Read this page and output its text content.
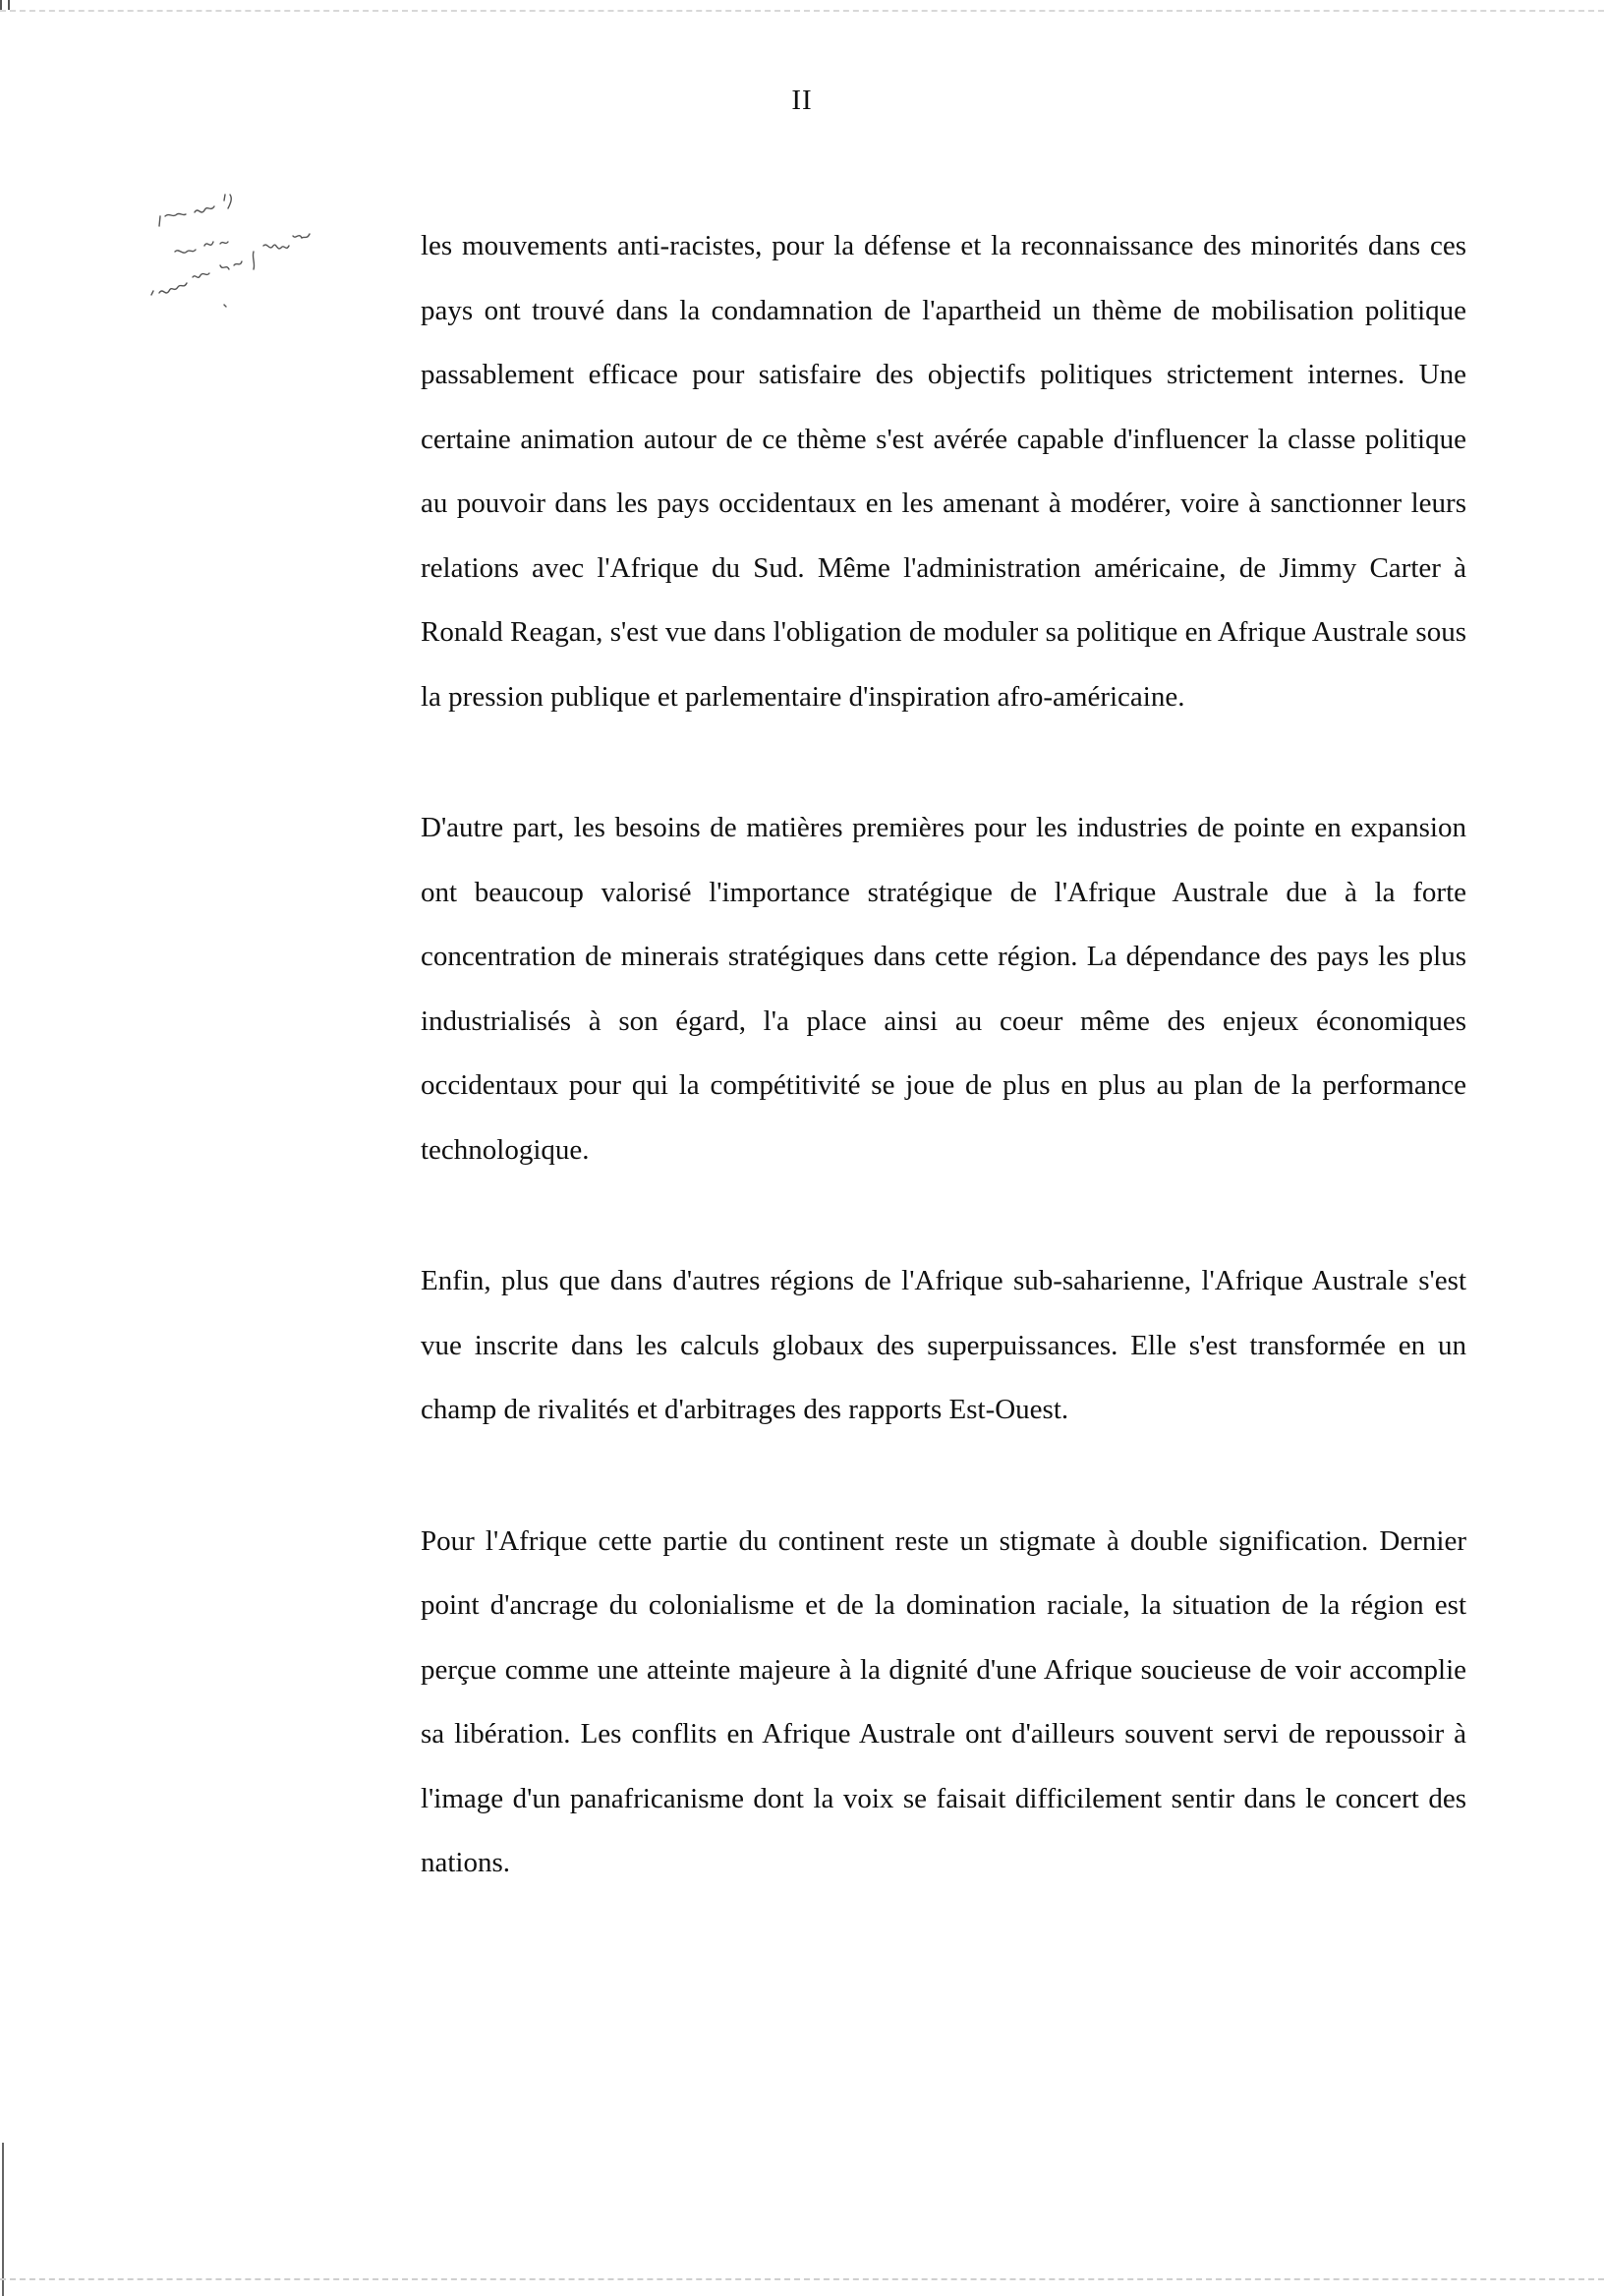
II

les mouvements anti-racistes, pour la défense et la reconnaissance des minorités dans ces pays ont trouvé dans la condamnation de l'apartheid un thème de mobilisation politique passablement efficace pour satisfaire des objectifs politiques strictement internes. Une certaine animation autour de ce thème s'est avérée capable d'influencer la classe politique au pouvoir dans les pays occidentaux en les amenant à modérer, voire à sanctionner leurs relations avec l'Afrique du Sud. Même l'administration américaine, de Jimmy Carter à Ronald Reagan, s'est vue dans l'obligation de moduler sa politique en Afrique Australe sous la pression publique et parlementaire d'inspiration afro-américaine.

D'autre part, les besoins de matières premières pour les industries de pointe en expansion ont beaucoup valorisé l'importance stratégique de l'Afrique Australe due à la forte concentration de minerais stratégiques dans cette région. La dépendance des pays les plus industrialisés à son égard, l'a place ainsi au coeur même des enjeux économiques occidentaux pour qui la compétitivité se joue de plus en plus au plan de la performance technologique.

Enfin, plus que dans d'autres régions de l'Afrique sub-saharienne, l'Afrique Australe s'est vue inscrite dans les calculs globaux des superpuissances. Elle s'est transformée en un champ de rivalités et d'arbitrages des rapports Est-Ouest.

Pour l'Afrique cette partie du continent reste un stigmate à double signification. Dernier point d'ancrage du colonialisme et de la domination raciale, la situation de la région est perçue comme une atteinte majeure à la dignité d'une Afrique soucieuse de voir accomplie sa libération. Les conflits en Afrique Australe ont d'ailleurs souvent servi de repoussoir à l'image d'un panafricanisme dont la voix se faisait difficilement sentir dans le concert des nations.
